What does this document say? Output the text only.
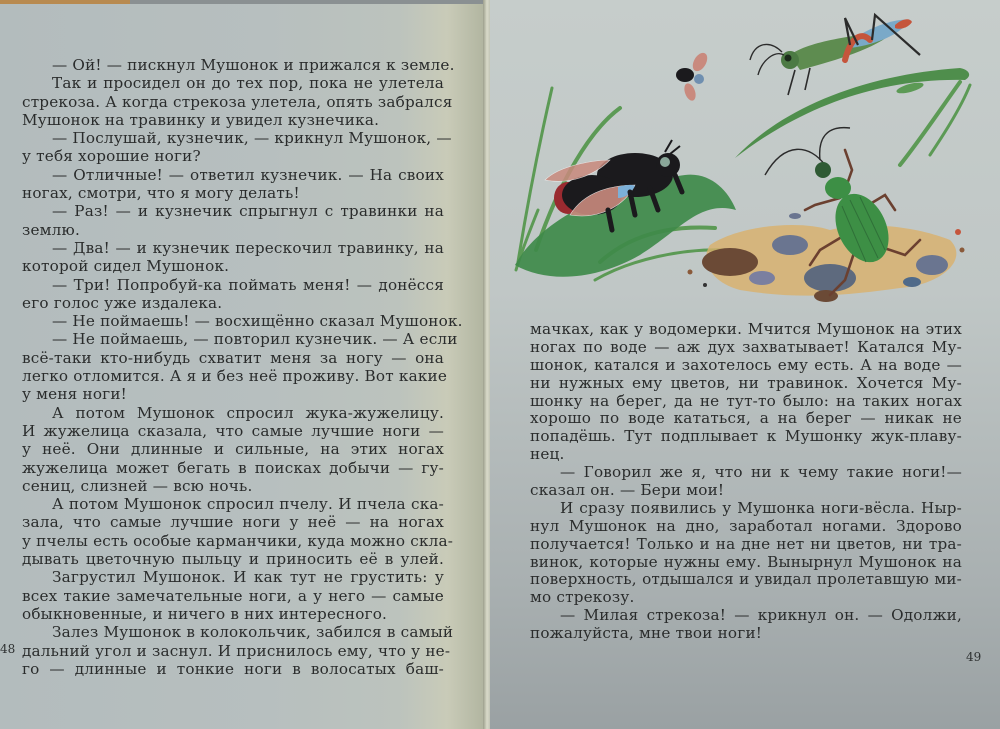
— Ой! — пискнул Мушонок и прижался к земле.
Так и просидел он до тех пор, пока не улетела
стрекоза. А когда стрекоза улетела, опять забрался
Мушонок на травинку и увидел кузнечика.
— Послушай, кузнечик, — крикнул Мушонок, —
у тебя хорошие ноги?
— Отличные! — ответил кузнечик. — На своих
ногах, смотри, что я могу делать!
— Раз! — и кузнечик спрыгнул с травинки на
землю.
— Два! — и кузнечик перескочил травинку, на
которой сидел Мушонок.
— Три! Попробуй-ка поймать меня! — донёсся
его голос уже издалека.
— Не поймаешь! — восхищённо сказал Мушонок.
— Не поймаешь, — повторил кузнечик. — А если
всё-таки кто-нибудь схватит меня за ногу — она
легко отломится. А я и без неё проживу. Вот какие
у меня ноги!
А потом Мушонок спросил жука-жужелицу.
И жужелица сказала, что самые лучшие ноги —
у неё. Они длинные и сильные, на этих ногах
жужелица может бегать в поисках добычи — гу-
сениц, слизней — всю ночь.
А потом Мушонок спросил пчелу. И пчела ска-
зала, что самые лучшие ноги у неё — на ногах
у пчелы есть особые карманчики, куда можно скла-
дывать цветочную пыльцу и приносить её в улей.
Загрустил Мушонок. И как тут не грустить: у
всех такие замечательные ноги, а у него — самые
обыкновенные, и ничего в них интересного.
Залез Мушонок в колокольчик, забился в самый
дальний угол и заснул. И приснилось ему, что у не-
го — длинные и тонкие ноги в волосатых баш-
48
49
мачках, как у водомерки. Мчится Мушонок на этих
ногах по воде — аж дух захватывает! Катался Му-
шонок, катался и захотелось ему есть. А на воде —
ни нужных ему цветов, ни травинок. Хочется Му-
шонку на берег, да не тут-то было: на таких ногах
хорошо по воде кататься, а на берег — никак не
попадёшь. Тут подплывает к Мушонку жук-плаву-
нец.
— Говорил же я, что ни к чему такие ноги!—
сказал он. — Бери мои!
И сразу появились у Мушонка ноги-вёсла. Ныр-
нул Мушонок на дно, заработал ногами. Здорово
получается! Только и на дне нет ни цветов, ни тра-
винок, которые нужны ему. Вынырнул Мушонок на
поверхность, отдышался и увидал пролетавшую ми-
мо стрекозу.
— Милая стрекоза! — крикнул он. — Одолжи,
пожалуйста, мне твои ноги!
